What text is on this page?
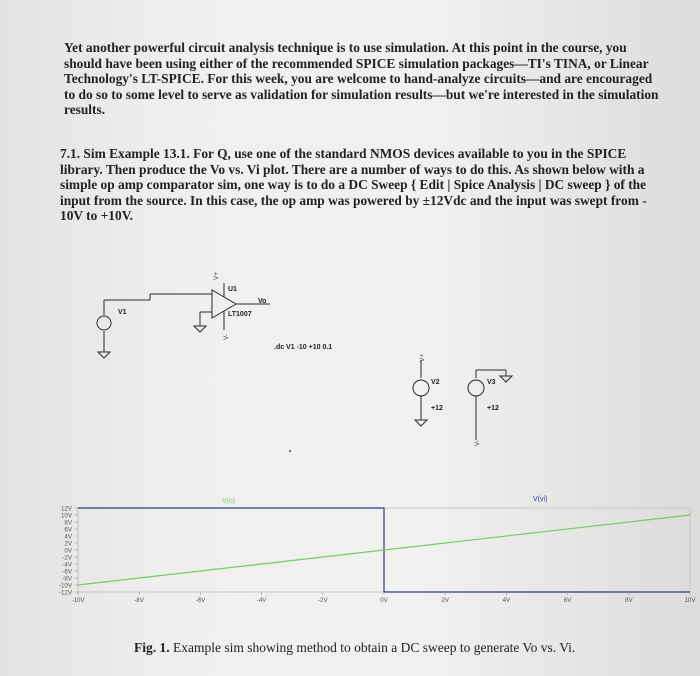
Yet another powerful circuit analysis technique is to use simulation. At this point in the course, you
should have been using either of the recommended SPICE simulation packages—TI's TINA, or Linear
Technology's LT-SPICE. For this week, you are welcome to hand-analyze circuits—and are encouraged
to do so to some level to serve as validation for simulation results—but we're interested in the simulation
results.
7.1. Sim Example 13.1. For Q, use one of the standard NMOS devices available to you in the SPICE
library. Then produce the Vo vs. Vi plot. There are a number of ways to do this. As shown below with a
simple op amp comparator sim, one way is to do a DC Sweep { Edit | Spice Analysis | DC sweep } of the
input from the source. In this case, the op amp was powered by ±12Vdc and the input was swept from -
10V to +10V.
U1
LT1007
Vo
V1
V2
+12
V3
+12
.dc V1 -10 +10 0.1
V+
V-
V+
V-
V(o)	V(vi)
12V
10V
8V
6V
4V
2V
0V
-2V
-4V
-6V
-8V
-10V
-12V
-10V	-8V	-6V	-4V	-2V	0V	2V	4V	6V	8V	10V
Fig. 1. Example sim showing method to obtain a DC sweep to generate Vo vs. Vi.
